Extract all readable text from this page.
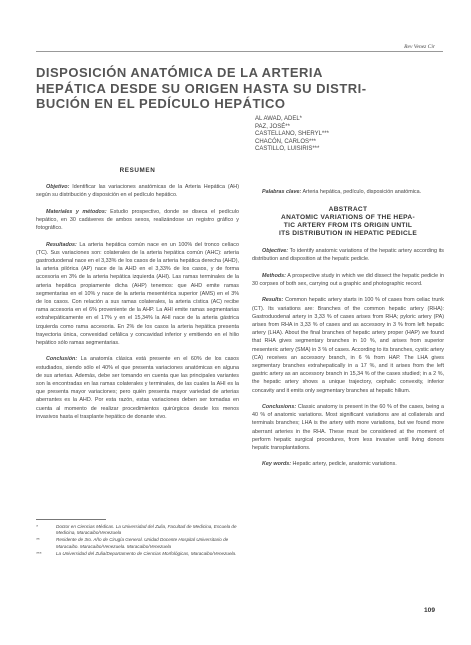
Rev Venez Cir
DISPOSICIÓN ANATÓMICA DE LA ARTERIA
HEPÁTICA DESDE SU ORIGEN HASTA SU DISTRI-
BUCIÓN EN EL PEDÍCULO HEPÁTICO
AL AWAD, ADEL*
PAZ, JOSÉ**
CASTELLANO, SHERYL***
CHACÓN, CARLOS***
CASTILLO, LUISIRIS***
RESUMEN

Objetivo: Identificar las variaciones anatómicas de la Arteria Hepática (AH) según su distribución y disposición en el pedículo hepático.

Materiales y métodos: Estudio prospectivo, donde se diseca el pedículo hepático, en 30 cadáveres de ambos sexos, realizándose un registro gráfico y fotográfico.

Resultados: La arteria hepática común nace en un 100% del tronco celíaco (TC). Sus variaciones son: colaterales de la arteria hepática común (AHC): arteria gastroduodenal nace en el 3,33% de los casos de la arteria hepática derecha (AHD), la arteria pilórica (AP) nace de la AHD en el 3,33% de los casos, y de forma accesoria en 3% de la arteria hepática izquierda (AHI). Las ramas terminales de la arteria hepática propiamente dicha (AHP) tenemos: que AHD emite ramas segmentarias en el 10% y nace de la arteria mesentérica superior (AMS) en el 3% de los casos. Con relación a sus ramas colaterales, la arteria cística (AC) recibe rama accesoria en el 6% proveniente de la AHP. La AHI emite ramas segmentarias extrahepáticamente en el 17% y en el 15,34% la AHI nace de la arteria gástrica izquierda como rama accesoria. En 2% de los casos la arteria hepática presenta trayectoria única, convexidad cefálica y concavidad inferior y emitiendo en el hilio hepático sólo ramas segmentarias.

Conclusión: La anatomía clásica está presente en el 60% de los casos estudiados, siendo sólo el 40% el que presenta variaciones anatómicas en alguna de sus arterias. Además, debe ser tomando en cuenta que las principales variantes son la encontradas en las ramas colaterales y terminales, de las cuales la AHI es la que presenta mayor variaciones; pero quién presenta mayor variedad de arterias aberrantes es la AHD. Por esta razón, estas variaciones deben ser tomadas en cuenta al momento de realizar procedimientos quirúrgicos desde los menos invasivos hasta el trasplante hepático de donante vivo.

Palabras clave: Arteria hepática, pedículo, disposición anatómica.

ABSTRACT
ANATOMIC VARIATIONS OF THE HEPA-
TIC ARTERY FROM ITS ORIGIN UNTIL
ITS DISTRIBUTION IN HEPATIC PEDICLE

Objective: To identify anatomic variations of the hepatic artery according its distribution and disposition at the hepatic pedicle.

Methods: A prospective study in which we did dissect the hepatic pedicle in 30 corpses of both sex, carrying out a graphic and photographic record.

Results: Common hepatic artery starts in 100 % of cases from celiac trunk (CT). Its variations are: Branches of the common hepatic artery (RHA): Gastroduodenal artery in 3,33 % of cases arises from RHA; pyloric artery (PA) arises from RHA in 3,33 % of cases and as accessory in 3 % from left hepatic artery (LHA). About the final branches of hepatic artery proper (HAP) we found that RHA gives segmentary branches in 10 %, and arises from superior mesenteric artery (SMA) in 3 % of cases. According to its branches, cystic artery (CA) receives an accessory branch, in 6 % from HAP. The LHA gives segmentary branches extrahepatically in a 17 %, and it arises from the left gastric artery as an accessory branch in 15,34 % of the cases studied; in a 2 %, the hepatic artery shows a unique trajectory, cephalic convexity, inferior concavity and it emits only segmentary branches at hepatic hilium.

Conclusions: Classic anatomy is present in the 60 % of the cases, being a 40 % of anatomic variations. Most significant variations are at collaterals and terminals branches; LHA is the artery with more variations, but we found more aberrant arteries in the RHA. These must be considered at the moment of perform hepatic surgical procedures, from less invasive until living donors hepatic transplantations.

Key words: Hepatic artery, pedicle, anatomic variations.

*	Doctor en Ciencias Médicas. La Universidad del Zulia, Facultad de Medicina, Escuela de Medicina, Maracaibo/Venezuela
**	Residente de 3ro. Año de Cirugía General. Unidad Docente Hospital Universitario de Maracaibo. Maracaibo/Venezuela. Maracaibo/Venezuela
***	La Universidad del Zulia/Departamento de Ciencias Morfológicas, Maracaibo/Venezuela.
109
